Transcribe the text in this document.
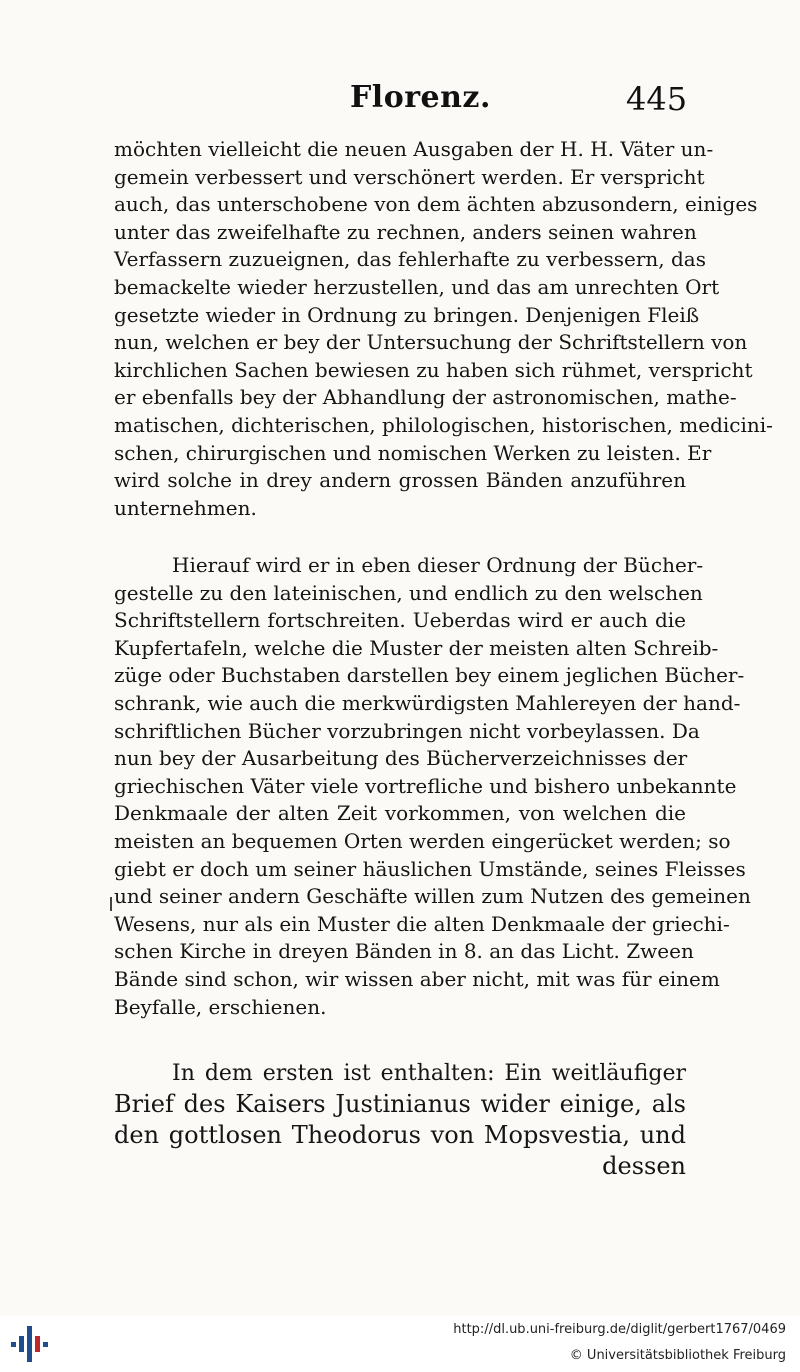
Florenz.	445
möchten vielleicht die neuen Ausgaben der H. H. Väter un-
gemein verbessert und verschönert werden. Er verspricht
auch, das unterschobene von dem ächten abzusondern, einiges
unter das zweifelhafte zu rechnen, anders seinen wahren
Verfassern zuzueignen, das fehlerhafte zu verbessern, das
bemackelte wieder herzustellen, und das am unrechten Ort
gesetzte wieder in Ordnung zu bringen. Denjenigen Fleiß
nun, welchen er bey der Untersuchung der Schriftstellern von
kirchlichen Sachen bewiesen zu haben sich rühmet, verspricht
er ebenfalls bey der Abhandlung der astronomischen, mathe-
matischen, dichterischen, philologischen, historischen, medicini-
schen, chirurgischen und nomischen Werken zu leisten. Er
wird solche in drey andern grossen Bänden anzuführen
unternehmen.
Hierauf wird er in eben dieser Ordnung der Bücher-
gestelle zu den lateinischen, und endlich zu den welschen
Schriftstellern fortschreiten. Ueberdas wird er auch die
Kupfertafeln, welche die Muster der meisten alten Schreib-
züge oder Buchstaben darstellen bey einem jeglichen Bücher-
schrank, wie auch die merkwürdigsten Mahlereyen der hand-
schriftlichen Bücher vorzubringen nicht vorbeylassen. Da
nun bey der Ausarbeitung des Bücherverzeichnisses der
griechischen Väter viele vortrefliche und bishero unbekannte
Denkmaale der alten Zeit vorkommen, von welchen die
meisten an bequemen Orten werden eingerücket werden; so
giebt er doch um seiner häuslichen Umstände, seines Fleisses
und seiner andern Geschäfte willen zum Nutzen des gemeinen
Wesens, nur als ein Muster die alten Denkmaale der griechi-
schen Kirche in dreyen Bänden in 8. an das Licht. Zween
Bände sind schon, wir wissen aber nicht, mit was für einem
Beyfalle, erschienen.
In dem ersten ist enthalten: Ein weitläufiger
Brief des Kaisers Justinianus wider einige, als
den gottlosen Theodorus von Mopsvestia, und
dessen
http://dl.ub.uni-freiburg.de/diglit/gerbert1767/0469
© Universitätsbibliothek Freiburg
